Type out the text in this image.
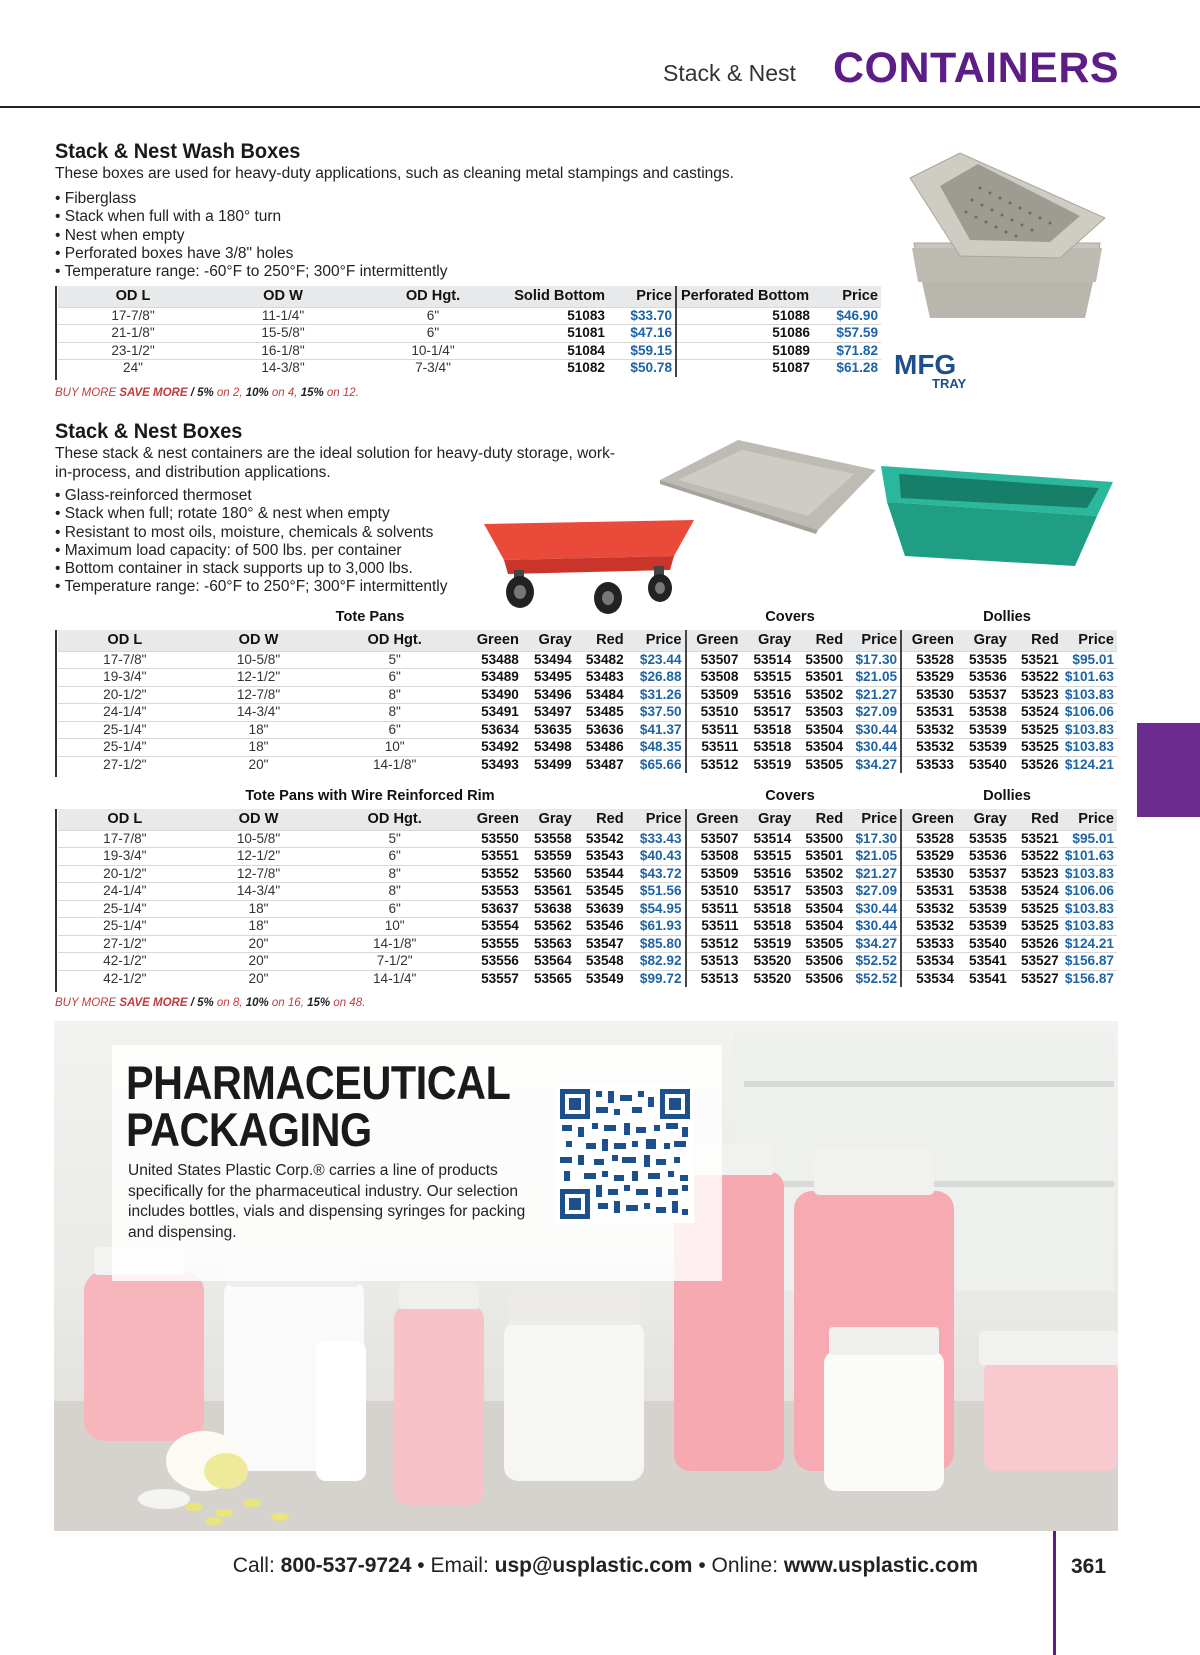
Stack & Nest CONTAINERS
Stack & Nest Wash Boxes
These boxes are used for heavy-duty applications, such as cleaning metal stampings and castings.
• Fiberglass
• Stack when full with a 180° turn
• Nest when empty
• Perforated boxes have 3/8" holes
• Temperature range: -60°F to 250°F; 300°F intermittently
MFG
TRAY
OD L	OD W	OD Hgt.	Solid Bottom	Price	Perforated Bottom	Price
17-7/8"	11-1/4"	6"	51083	$33.70	51088	$46.90
21-1/8"	15-5/8"	6"	51081	$47.16	51086	$57.59
23-1/2"	16-1/8"	10-1/4"	51084	$59.15	51089	$71.82
24"	14-3/8"	7-3/4"	51082	$50.78	51087	$61.28
BUY MORE SAVE MORE / 5% on 2, 10% on 4, 15% on 12.
Stack & Nest Boxes
These stack & nest containers are the ideal solution for heavy-duty storage, work-
in-process, and distribution applications.
• Glass-reinforced thermoset
• Stack when full; rotate 180° & nest when empty
• Resistant to most oils, moisture, chemicals & solvents
• Maximum load capacity: of 500 lbs. per container
• Bottom container in stack supports up to 3,000 lbs.
• Temperature range: -60°F to 250°F; 300°F intermittently
Tote Pans	Covers	Dollies
OD L	OD W	OD Hgt.	Green	Gray	Red	Price	Green	Gray	Red	Price	Green	Gray	Red	Price
17-7/8"	10-5/8"	5"	53488	53494	53482	$23.44	53507	53514	53500	$17.30	53528	53535	53521	$95.01
19-3/4"	12-1/2"	6"	53489	53495	53483	$26.88	53508	53515	53501	$21.05	53529	53536	53522	$101.63
20-1/2"	12-7/8"	8"	53490	53496	53484	$31.26	53509	53516	53502	$21.27	53530	53537	53523	$103.83
24-1/4"	14-3/4"	8"	53491	53497	53485	$37.50	53510	53517	53503	$27.09	53531	53538	53524	$106.06
25-1/4"	18"	6"	53634	53635	53636	$41.37	53511	53518	53504	$30.44	53532	53539	53525	$103.83
25-1/4"	18"	10"	53492	53498	53486	$48.35	53511	53518	53504	$30.44	53532	53539	53525	$103.83
27-1/2"	20"	14-1/8"	53493	53499	53487	$65.66	53512	53519	53505	$34.27	53533	53540	53526	$124.21
Tote Pans with Wire Reinforced Rim	Covers	Dollies
OD L	OD W	OD Hgt.	Green	Gray	Red	Price	Green	Gray	Red	Price	Green	Gray	Red	Price
17-7/8"	10-5/8"	5"	53550	53558	53542	$33.43	53507	53514	53500	$17.30	53528	53535	53521	$95.01
19-3/4"	12-1/2"	6"	53551	53559	53543	$40.43	53508	53515	53501	$21.05	53529	53536	53522	$101.63
20-1/2"	12-7/8"	8"	53552	53560	53544	$43.72	53509	53516	53502	$21.27	53530	53537	53523	$103.83
24-1/4"	14-3/4"	8"	53553	53561	53545	$51.56	53510	53517	53503	$27.09	53531	53538	53524	$106.06
25-1/4"	18"	6"	53637	53638	53639	$54.95	53511	53518	53504	$30.44	53532	53539	53525	$103.83
25-1/4"	18"	10"	53554	53562	53546	$61.93	53511	53518	53504	$30.44	53532	53539	53525	$103.83
27-1/2"	20"	14-1/8"	53555	53563	53547	$85.80	53512	53519	53505	$34.27	53533	53540	53526	$124.21
42-1/2"	20"	7-1/2"	53556	53564	53548	$82.92	53513	53520	53506	$52.52	53534	53541	53527	$156.87
42-1/2"	20"	14-1/4"	53557	53565	53549	$99.72	53513	53520	53506	$52.52	53534	53541	53527	$156.87
BUY MORE SAVE MORE / 5% on 8, 10% on 16, 15% on 48.
PHARMACEUTICAL
PACKAGING
United States Plastic Corp.® carries a line of products specifically for the pharmaceutical industry. Our selection includes bottles, vials and dispensing syringes for packing and dispensing.
Call: 800-537-9724 • Email: usp@usplastic.com • Online: www.usplastic.com	361
